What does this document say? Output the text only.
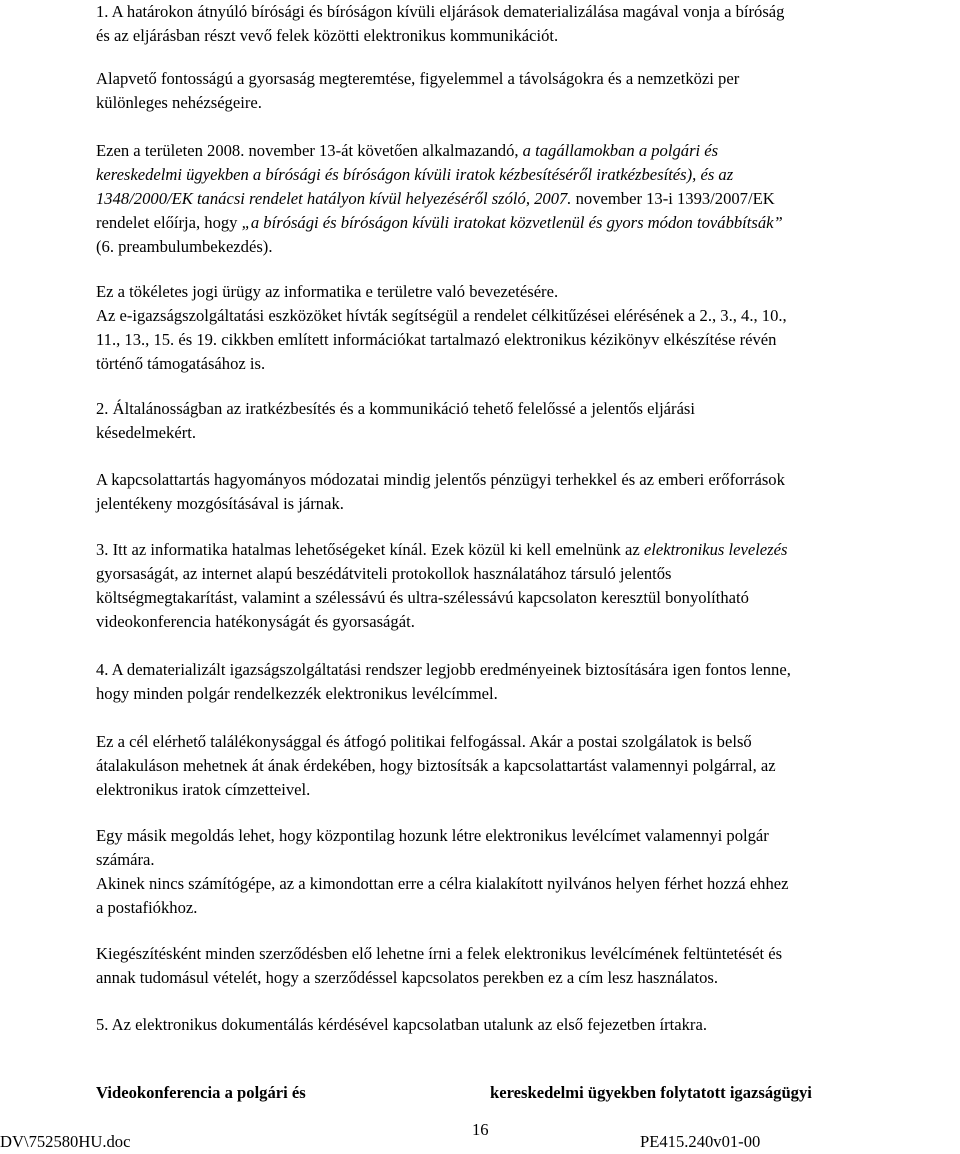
1. A határokon átnyúló bírósági és bíróságon kívüli eljárások dematerializálása magával vonja a bíróság
és az eljárásban részt vevő felek közötti elektronikus kommunikációt.
Alapvető fontosságú a gyorsaság megteremtése, figyelemmel a távolságokra és a nemzetközi per
különleges nehézségeire.
Ezen a területen 2008. november 13-át követően alkalmazandó, a tagállamokban a polgári és
kereskedelmi ügyekben a bírósági és bíróságon kívüli iratok kézbesítéséről iratkézbesítés), és az
1348/2000/EK tanácsi rendelet hatályon kívül helyezéséről szóló, 2007. november 13-i 1393/2007/EK
rendelet előírja, hogy „a bírósági és bíróságon kívüli iratokat közvetlenül és gyors módon továbbítsák”
(6. preambulumbekezdés).
Ez a tökéletes jogi ürügy az informatika e területre való bevezetésére.
Az e-igazságszolgáltatási eszközöket hívták segítségül a rendelet célkitűzései elérésének a 2., 3., 4., 10.,
11., 13., 15. és 19. cikkben említett információkat tartalmazó elektronikus kézikönyv elkészítése révén
történő támogatásához is.
2. Általánosságban az iratkézbesítés és a kommunikáció tehető felelőssé a jelentős eljárási
késedelmekért.
A kapcsolattartás hagyományos módozatai mindig jelentős pénzügyi terhekkel és az emberi erőforrások
jelentékeny mozgósításával is járnak.
3. Itt az informatika hatalmas lehetőségeket kínál. Ezek közül ki kell emelnünk az elektronikus levelezés
gyorsaságát, az internet alapú beszédátviteli protokollok használatához társuló jelentős
költségmegtakarítást, valamint a szélessávú és ultra-szélessávú kapcsolaton keresztül bonyolítható
videokonferencia hatékonyságát és gyorsaságát.
4. A dematerializált igazságszolgáltatási rendszer legjobb eredményeinek biztosítására igen fontos lenne,
hogy minden polgár rendelkezzék elektronikus levélcímmel.
Ez a cél elérhető találékonysággal és átfogó politikai felfogással. Akár a postai szolgálatok is belső
átalakuláson mehetnek át ának érdekében, hogy biztosítsák a kapcsolattartást valamennyi polgárral, az
elektronikus iratok címzetteivel.
Egy másik megoldás lehet, hogy központilag hozunk létre elektronikus levélcímet valamennyi polgár
számára.
Akinek nincs számítógépe, az a kimondottan erre a célra kialakított nyilvános helyen férhet hozzá ehhez
a postafiókhoz.
Kiegészítésként minden szerződésben elő lehetne írni a felek elektronikus levélcímének feltüntetését és
annak tudomásul vételét, hogy a szerződéssel kapcsolatos perekben ez a cím lesz használatos.
5. Az elektronikus dokumentálás kérdésével kapcsolatban utalunk az első fejezetben írtakra.
Videokonferencia a polgári és	kereskedelmi ügyekben folytatott igazságügyi
16
DV\752580HU.doc	PE415.240v01-00
